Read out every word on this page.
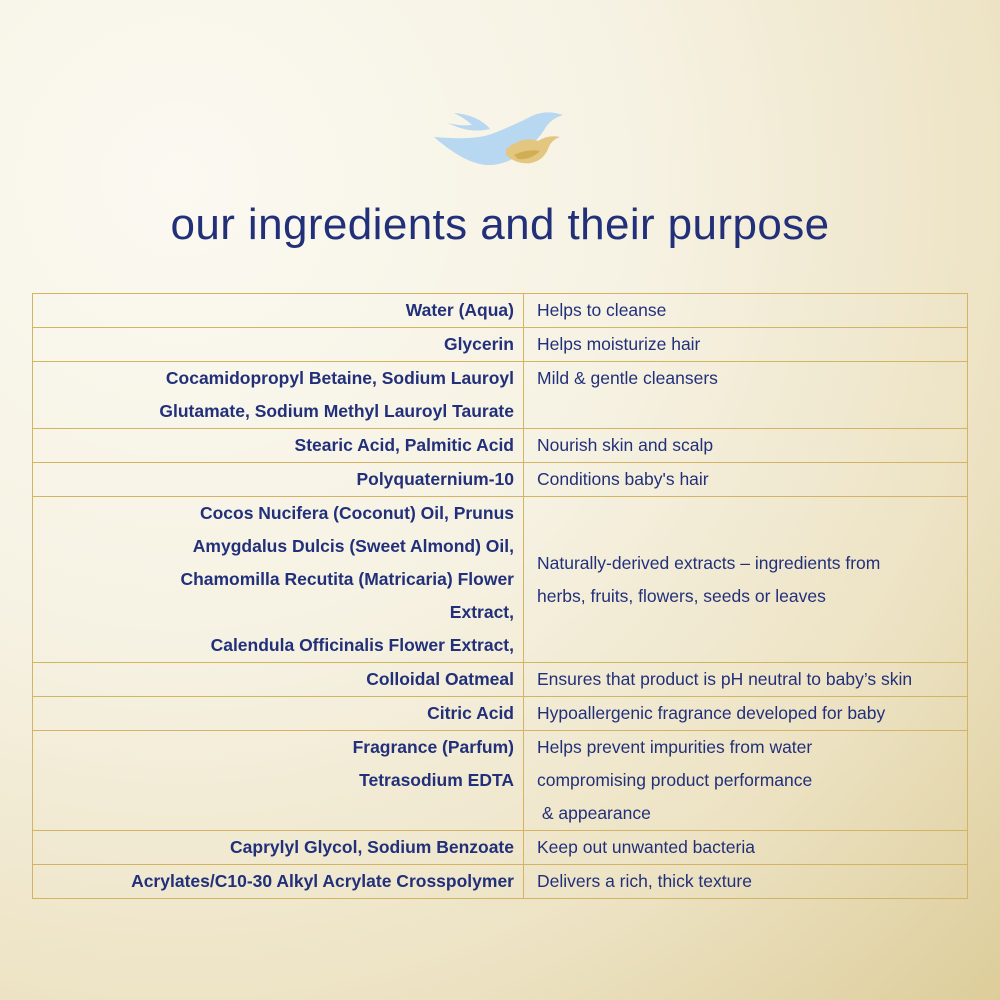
our ingredients and their purpose
Water (Aqua)	Helps to cleanse

Glycerin	Helps moisturize hair

Cocamidopropyl Betaine, Sodium Lauroyl
Glutamate, Sodium Methyl Lauroyl Taurate	Mild & gentle cleansers

Stearic Acid, Palmitic Acid	Nourish skin and scalp

Polyquaternium-10	Conditions baby's hair

Cocos Nucifera (Coconut) Oil, Prunus
Amygdalus Dulcis (Sweet Almond) Oil,
Chamomilla Recutita (Matricaria) Flower
Extract,
Calendula Officinalis Flower Extract,	Naturally-derived extracts – ingredients from
herbs, fruits, flowers, seeds or leaves

Colloidal Oatmeal	Ensures that product is pH neutral to baby’s skin

Citric Acid	Hypoallergenic fragrance developed for baby

Fragrance (Parfum)
Tetrasodium EDTA	Helps prevent impurities from water
compromising product performance
& appearance

Caprylyl Glycol, Sodium Benzoate	Keep out unwanted bacteria

Acrylates/C10-30 Alkyl Acrylate Crosspolymer	Delivers a rich, thick texture
